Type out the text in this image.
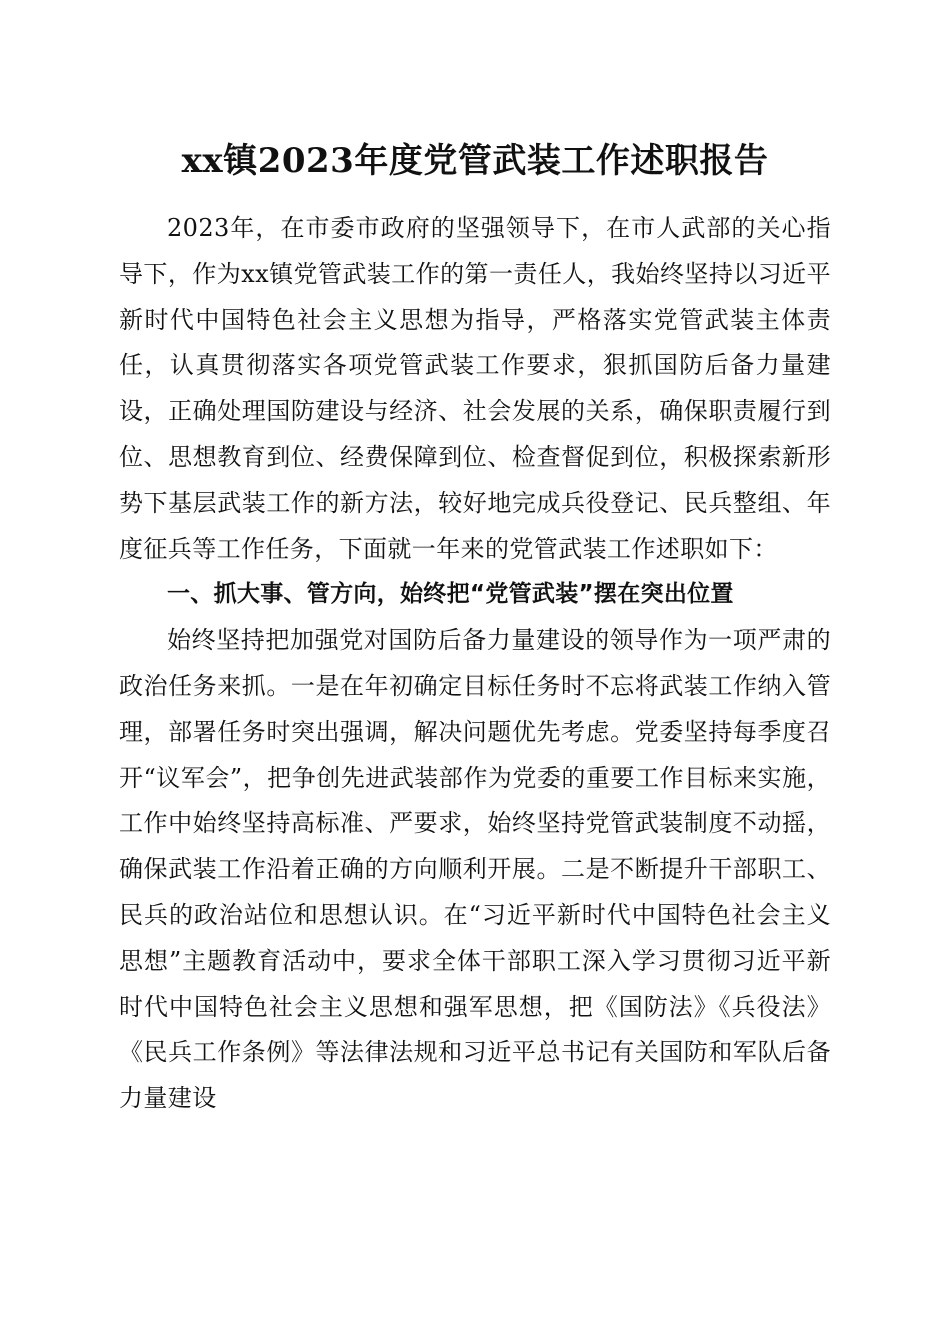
xx镇2023年度党管武装工作述职报告

2023年，在市委市政府的坚强领导下，在市人武部的关心指导下，作为xx镇党管武装工作的第一责任人，我始终坚持以习近平新时代中国特色社会主义思想为指导，严格落实党管武装主体责任，认真贯彻落实各项党管武装工作要求，狠抓国防后备力量建设，正确处理国防建设与经济、社会发展的关系，确保职责履行到位、思想教育到位、经费保障到位、检查督促到位，积极探索新形势下基层武装工作的新方法，较好地完成兵役登记、民兵整组、年度征兵等工作任务，下面就一年来的党管武装工作述职如下：

一、抓大事、管方向，始终把“党管武装”摆在突出位置

始终坚持把加强党对国防后备力量建设的领导作为一项严肃的政治任务来抓。一是在年初确定目标任务时不忘将武装工作纳入管理，部署任务时突出强调，解决问题优先考虑。党委坚持每季度召开“议军会”，把争创先进武装部作为党委的重要工作目标来实施，工作中始终坚持高标准、严要求，始终坚持党管武装制度不动摇，确保武装工作沿着正确的方向顺利开展。二是不断提升干部职工、民兵的政治站位和思想认识。在“习近平新时代中国特色社会主义思想”主题教育活动中，要求全体干部职工深入学习贯彻习近平新时代中国特色社会主义思想和强军思想，把《国防法》《兵役法》《民兵工作条例》等法律法规和习近平总书记有关国防和军队后备力量建设
